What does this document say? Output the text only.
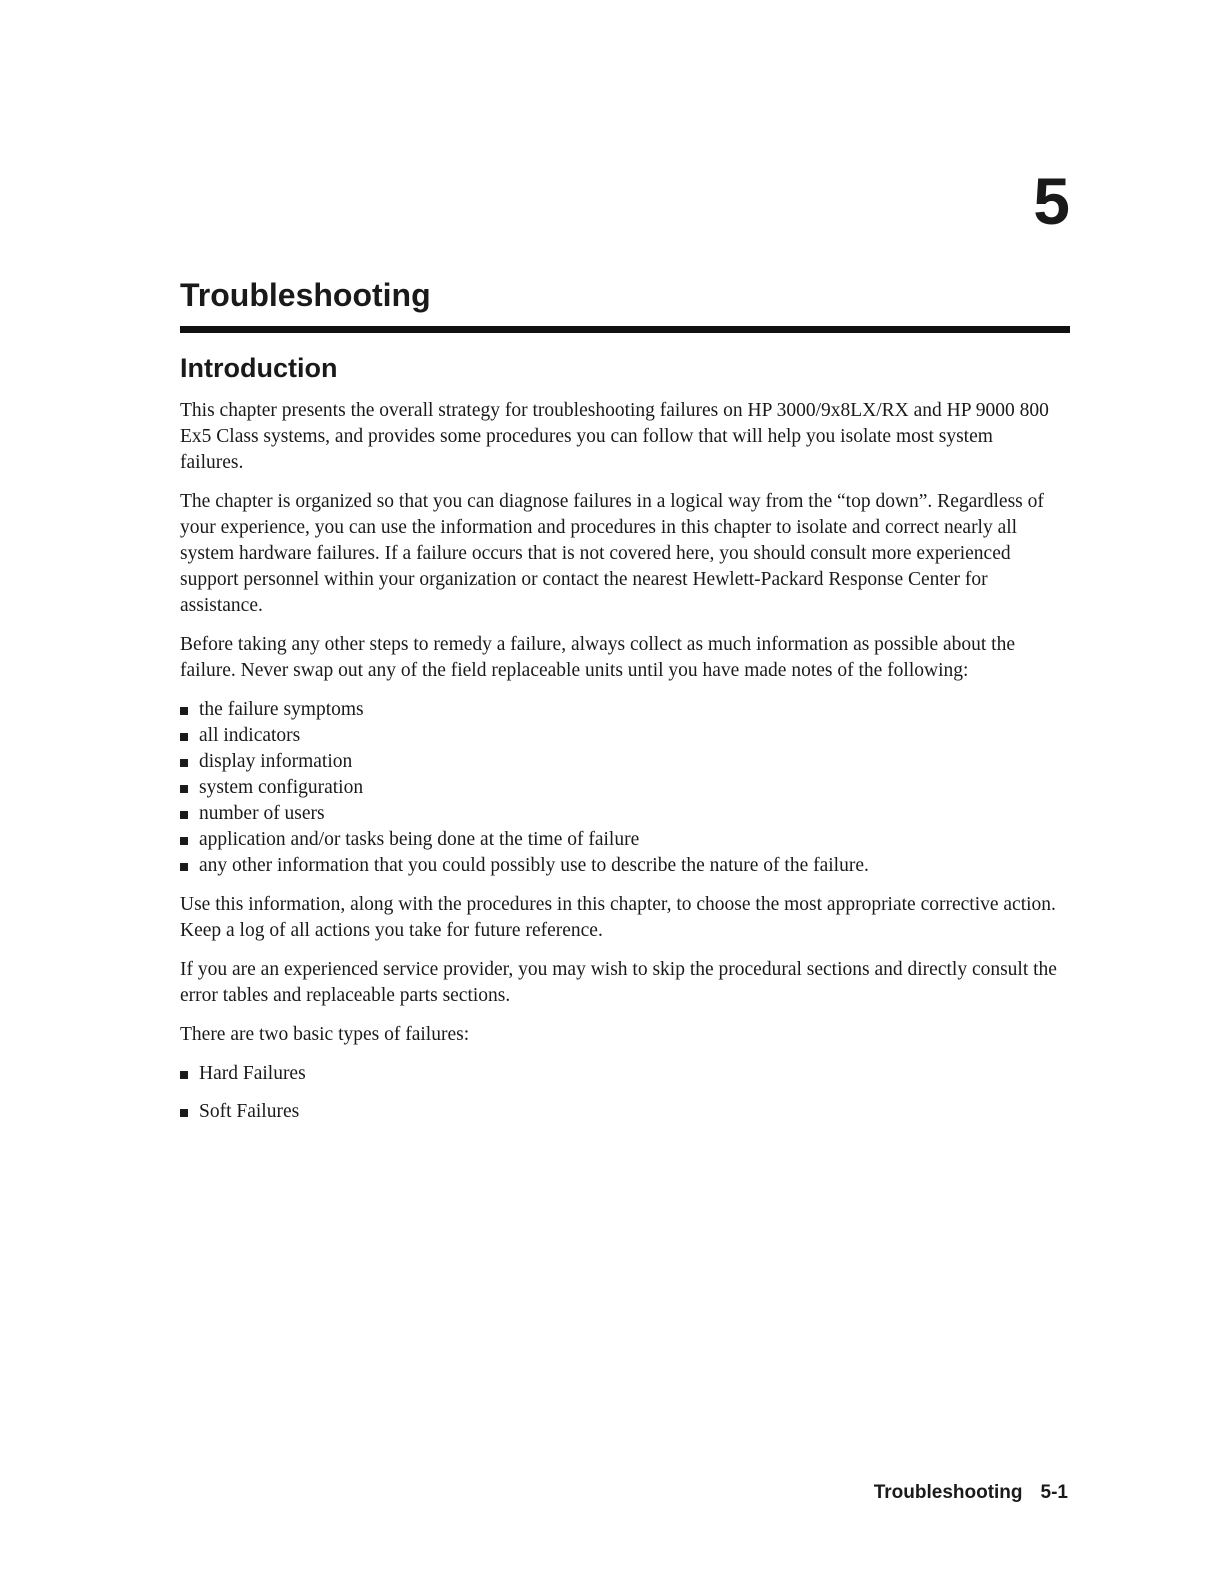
5
Troubleshooting
Introduction

This chapter presents the overall strategy for troubleshooting failures on HP 3000/9x8LX/RX and HP 9000 800 Ex5 Class systems, and provides some procedures you can follow that will help you isolate most system failures.

The chapter is organized so that you can diagnose failures in a logical way from the “top down”. Regardless of your experience, you can use the information and procedures in this chapter to isolate and correct nearly all system hardware failures. If a failure occurs that is not covered here, you should consult more experienced support personnel within your organization or contact the nearest Hewlett-Packard Response Center for assistance.

Before taking any other steps to remedy a failure, always collect as much information as possible about the failure. Never swap out any of the field replaceable units until you have made notes of the following:

the failure symptoms
all indicators
display information
system configuration
number of users
application and/or tasks being done at the time of failure
any other information that you could possibly use to describe the nature of the failure.

Use this information, along with the procedures in this chapter, to choose the most appropriate corrective action. Keep a log of all actions you take for future reference.

If you are an experienced service provider, you may wish to skip the procedural sections and directly consult the error tables and replaceable parts sections.

There are two basic types of failures:

Hard Failures
Soft Failures
Troubleshooting 5-1
